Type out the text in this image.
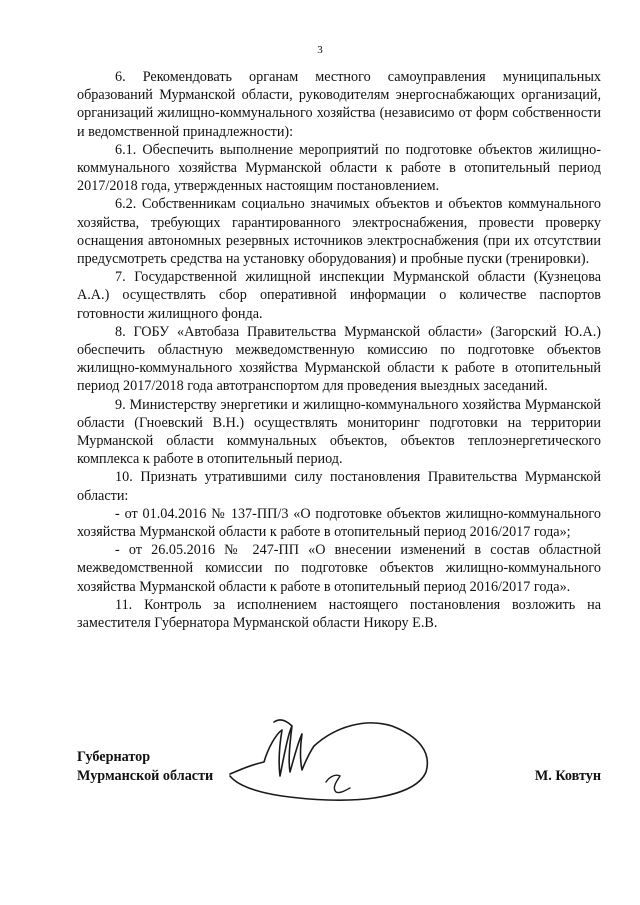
3

6. Рекомендовать органам местного самоуправления муниципальных образований Мурманской области, руководителям энергоснабжающих организаций, организаций жилищно-коммунального хозяйства (независимо от форм собственности и ведомственной принадлежности):

6.1. Обеспечить выполнение мероприятий по подготовке объектов жилищно-коммунального хозяйства Мурманской области к работе в отопительный период 2017/2018 года, утвержденных настоящим постановлением.

6.2. Собственникам социально значимых объектов и объектов коммунального хозяйства, требующих гарантированного электроснабжения, провести проверку оснащения автономных резервных источников электроснабжения (при их отсутствии предусмотреть средства на установку оборудования) и пробные пуски (тренировки).

7. Государственной жилищной инспекции Мурманской области (Кузнецова А.А.) осуществлять сбор оперативной информации о количестве паспортов готовности жилищного фонда.

8. ГОБУ «Автобаза Правительства Мурманской области» (Загорский Ю.А.) обеспечить областную межведомственную комиссию по подготовке объектов жилищно-коммунального хозяйства Мурманской области к работе в отопительный период 2017/2018 года автотранспортом для проведения выездных заседаний.

9. Министерству энергетики и жилищно-коммунального хозяйства Мурманской области (Гноевский В.Н.) осуществлять мониторинг подготовки на территории Мурманской области коммунальных объектов, объектов теплоэнергетического комплекса к работе в отопительный период.

10. Признать утратившими силу постановления Правительства Мурманской области:

- от 01.04.2016 № 137-ПП/3 «О подготовке объектов жилищно-коммунального хозяйства Мурманской области к работе в отопительный период 2016/2017 года»;

- от 26.05.2016 № 247-ПП «О внесении изменений в состав областной межведомственной комиссии по подготовке объектов жилищно-коммунального хозяйства Мурманской области к работе в отопительный период 2016/2017 года».

11. Контроль за исполнением настоящего постановления возложить на заместителя Губернатора Мурманской области Никору Е.В.

Губернатор
Мурманской области	М. Ковтун
